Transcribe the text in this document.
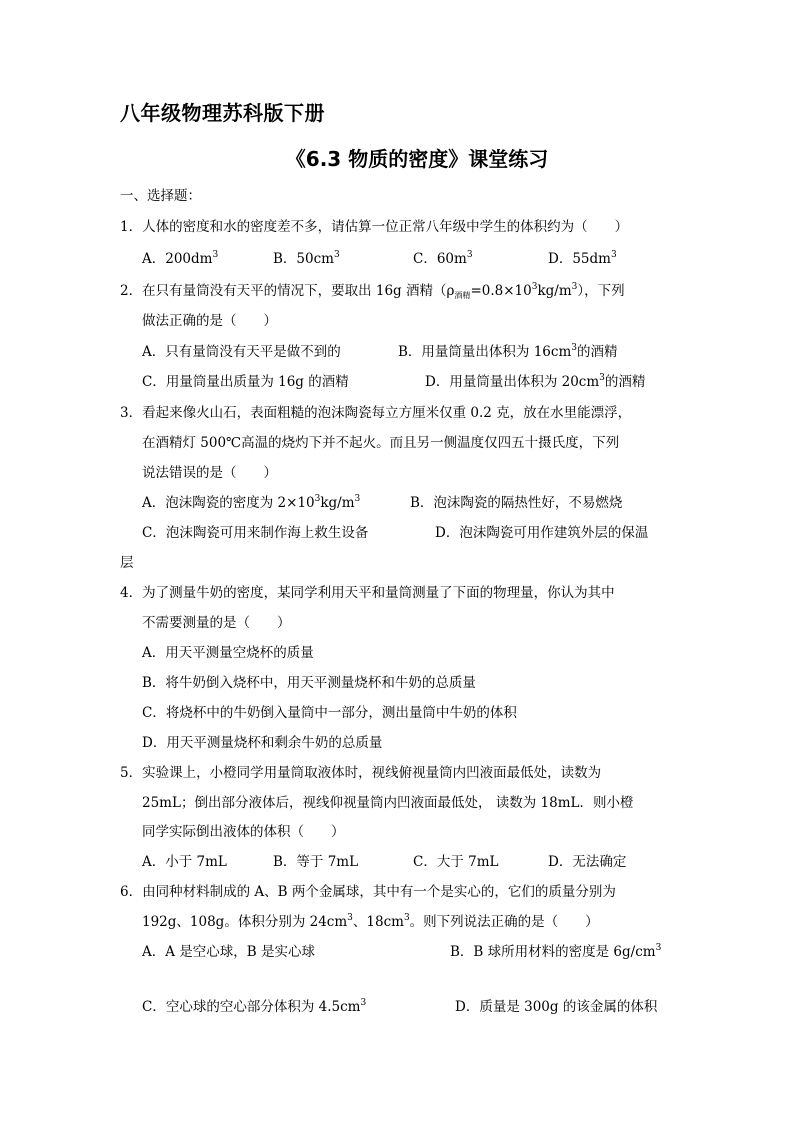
八年级物理苏科版下册
《6.3 物质的密度》课堂练习
一、选择题：
1．人体的密度和水的密度差不多，请估算一位正常八年级中学生的体积约为（　　）
A．$200dm^3$	B．$50cm^3$	C．$60m^3$	D．$55dm^3$
2．在只有量筒没有天平的情况下，要取出 16g 酒精$(\rho_{酒精}=0.8\times 10^3kg/m^3)$，下列
做法正确的是（　　）
A．只有量筒没有天平是做不到的	B．用量筒量出体积为 $16cm^3$的酒精
C．用量筒量出质量为 16g 的酒精	D．用量筒量出体积为 $20cm^3$的酒精
3．看起来像火山石，表面粗糙的泡沫陶瓷每立方厘米仅重 0.2 克，放在水里能漂浮，
在酒精灯 500℃高温的烧灼下并不起火。而且另一侧温度仅四五十摄氏度，下列
说法错误的是（　　）
A．泡沫陶瓷的密度为 $2\times 10^3kg/m^3$	B．泡沫陶瓷的隔热性好，不易燃烧
C．泡沫陶瓷可用来制作海上救生设备	D．泡沫陶瓷可用作建筑外层的保温
层
4．为了测量牛奶的密度，某同学利用天平和量筒测量了下面的物理量，你认为其中
不需要测量的是（　　）
A．用天平测量空烧杯的质量
B．将牛奶倒入烧杯中，用天平测量烧杯和牛奶的总质量
C．将烧杯中的牛奶倒入量筒中一部分，测出量筒中牛奶的体积
D．用天平测量烧杯和剩余牛奶的总质量
5．实验课上，小橙同学用量筒取液体时，视线俯视量筒内凹液面最低处，读数为
25mL；倒出部分液体后，视线仰视量筒内凹液面最低处， 读数为 18mL．则小橙
同学实际倒出液体的体积（　　）
A．小于 7mL	B．等于 7mL	C．大于 7mL	D．无法确定
6．由同种材料制成的 A、B 两个金属球，其中有一个是实心的，它们的质量分别为
192g、108g。体积分别为 $24cm^3$、$18cm^3$。则下列说法正确的是（　　）
A．A 是空心球，B 是实心球	B．B 球所用材料的密度是 $6g/cm^3$
C．空心球的空心部分体积为 $4.5cm^3$	D．质量是 300g 的该金属的体积
